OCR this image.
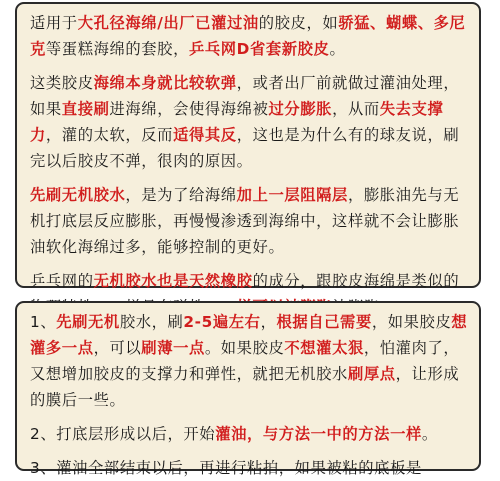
适用于大孔径海绵/出厂已灌过油的胶皮，如骄猛、蝴蝶、多尼克等蛋糕海绵的套胶，乒乓网D省套新胶皮。

这类胶皮海绵本身就比较软弹，或者出厂前就做过灌油处理，如果直接刷进海绵，会使得海绵被过分膨胀，从而失去支撑力，灌的太软，反而适得其反，这也是为什么有的球友说，刷完以后胶皮不弹，很肉的原因。

先刷无机胶水，是为了给海绵加上一层阻隔层，膨胀油先与无机打底层反应膨胀，再慢慢渗透到海绵中，这样就不会让膨胀油软化海绵过多，能够控制的更好。

乒乓网的无机胶水也是天然橡胶的成分，跟胶皮海绵是类似的

1、先刷无机胶水，刷2-5遍左右，根据自己需要，如果胶皮想灌多一点，可以刷薄一点。如果胶皮不想灌太狠，怕灌肉了，又想增加胶皮的支撑力和弹性，就把无机胶水刷厚点，让形成的膜后一些。

2、打底层形成以后，开始灌油，与方法一中的方法一样。

3、灌油全部结束以后，再进行粘拍，如果被粘的底板是
